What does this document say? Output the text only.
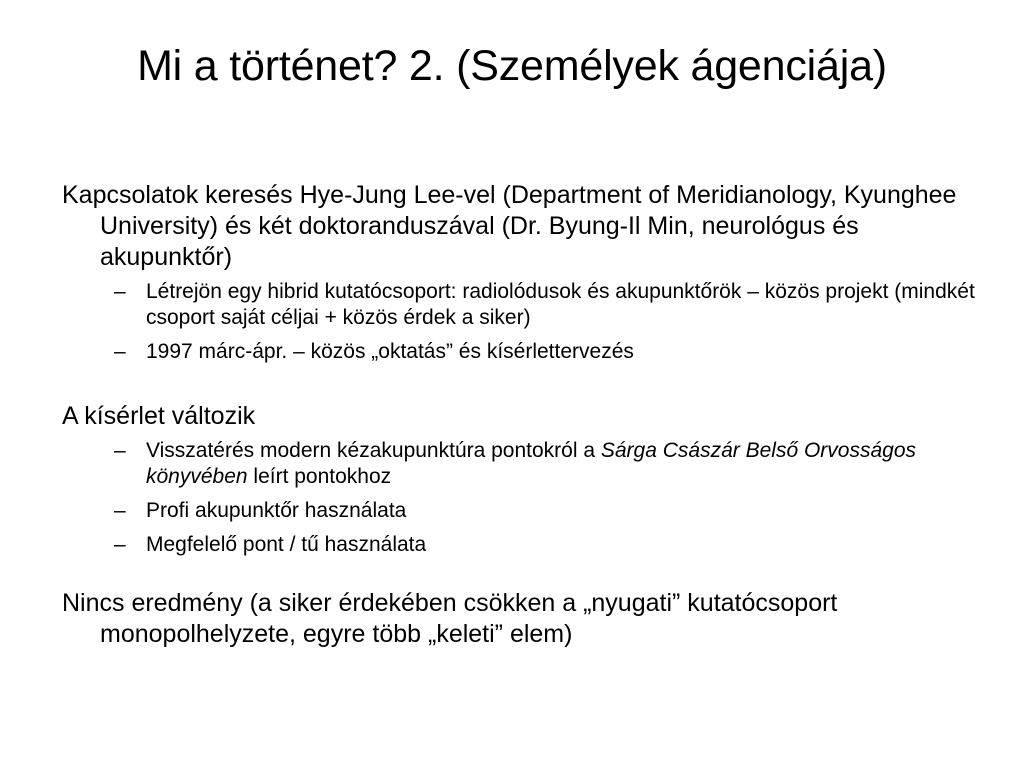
Mi a történet? 2. (Személyek ágenciája)

Kapcsolatok keresés Hye-Jung Lee-vel (Department of Meridianology, Kyunghee University) és két doktoranduszával (Dr. Byung-Il Min, neurológus és akupunktőr)

– Létrejön egy hibrid kutatócsoport: radiolódusok és akupunktőrök – közös projekt (mindkét csoport saját céljai + közös érdek a siker)
– 1997 márc-ápr. – közös „oktatás” és kísérlettervezés

A kísérlet változik

– Visszatérés modern kézakupunktúra pontokról a Sárga Császár Belső Orvosságos könyvében leírt pontokhoz
– Profi akupunktőr használata
– Megfelelő pont / tű használata

Nincs eredmény (a siker érdekében csökken a „nyugati” kutatócsoport monopolhelyzete, egyre több „keleti” elem)
